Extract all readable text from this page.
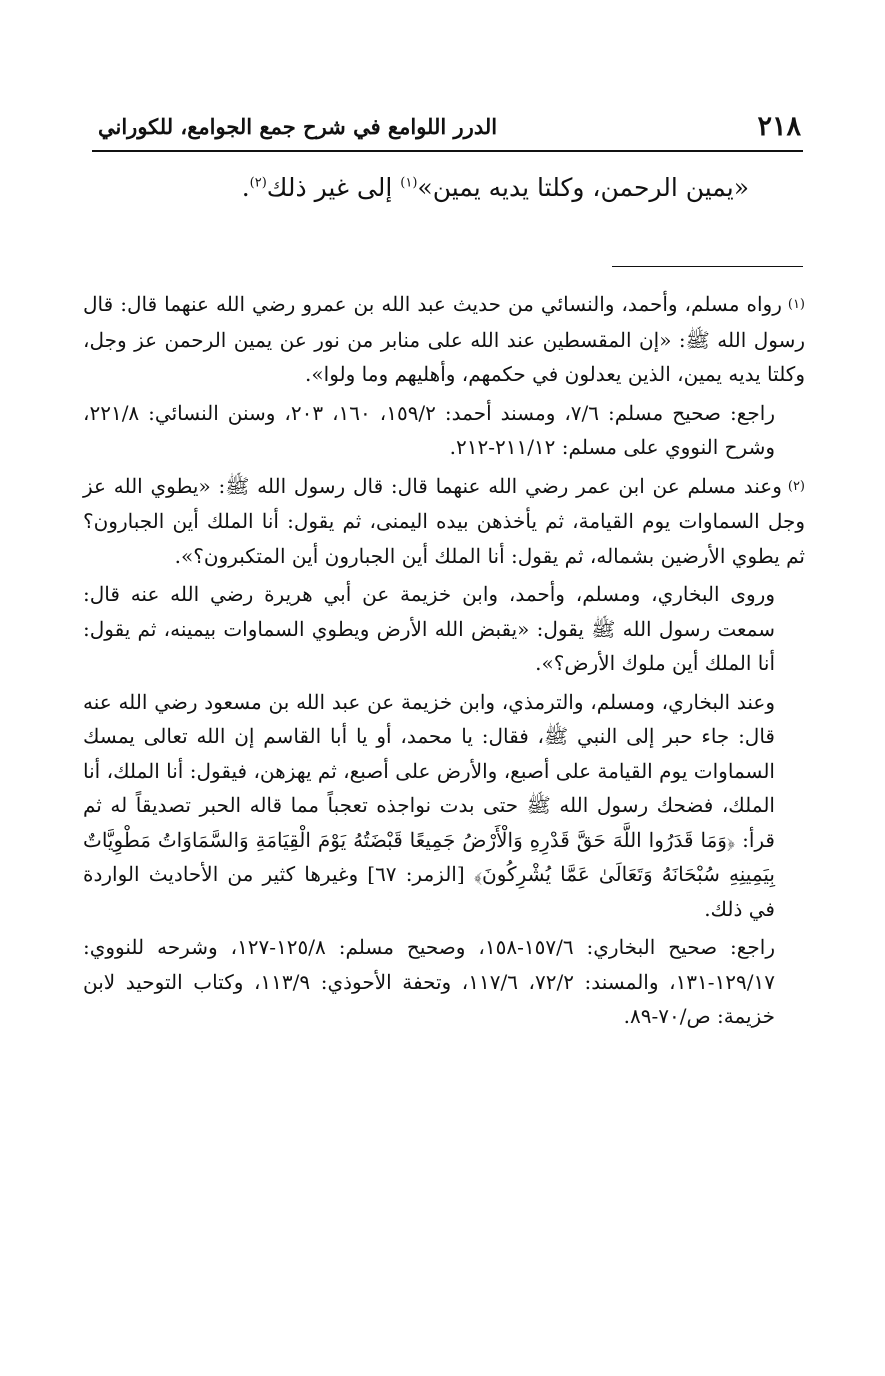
٢١٨
الدرر اللوامع في شرح جمع الجوامع، للكوراني

«يمين الرحمن، وكلتا يديه يمين»$^{(١)}$ إلى غير ذلك$^{(٢)}$.

(١)رواه مسلم، وأحمد، والنسائي من حديث عبد الله بن عمرو رضي الله عنهما قال: قال رسول الله ﷺ: «إن المقسطين عند الله على منابر من نور عن يمين الرحمن عز وجل، وكلتا يديه يمين، الذين يعدلون في حكمهم، وأهليهم وما ولوا».

راجع: صحيح مسلم: ٧/٦، ومسند أحمد: ١٥٩/٢، ١٦٠، ٢٠٣، وسنن النسائي: ٢٢١/٨، وشرح النووي على مسلم: ٢١١/١٢-٢١٢.

(٢)وعند مسلم عن ابن عمر رضي الله عنهما قال: قال رسول الله ﷺ: «يطوي الله عز وجل السماوات يوم القيامة، ثم يأخذهن بيده اليمنى، ثم يقول: أنا الملك أين الجبارون؟ ثم يطوي الأرضين بشماله، ثم يقول: أنا الملك أين الجبارون أين المتكبرون؟».

وروى البخاري، ومسلم، وأحمد، وابن خزيمة عن أبي هريرة رضي الله عنه قال: سمعت رسول الله ﷺ يقول: «يقبض الله الأرض ويطوي السماوات بيمينه، ثم يقول: أنا الملك أين ملوك الأرض؟».

وعند البخاري، ومسلم، والترمذي، وابن خزيمة عن عبد الله بن مسعود رضي الله عنه قال: جاء حبر إلى النبي ﷺ، فقال: يا محمد، أو يا أبا القاسم إن الله تعالى يمسك السماوات يوم القيامة على أصبع، والأرض على أصبع، ثم يهزهن، فيقول: أنا الملك، أنا الملك، فضحك رسول الله ﷺ حتى بدت نواجذه تعجباً مما قاله الحبر تصديقاً له ثم قرأ: ﴿وَمَا قَدَرُوا اللَّهَ حَقَّ قَدْرِهِ وَالْأَرْضُ جَمِيعًا قَبْضَتُهُ يَوْمَ الْقِيَامَةِ وَالسَّمَاوَاتُ مَطْوِيَّاتٌ بِيَمِينِهِ سُبْحَانَهُ وَتَعَالَىٰ عَمَّا يُشْرِكُونَ﴾ [الزمر: ٦٧] وغيرها كثير من الأحاديث الواردة في ذلك.

راجع: صحيح البخاري: ١٥٧/٦-١٥٨، وصحيح مسلم: ١٢٥/٨-١٢٧، وشرحه للنووي: ١٢٩/١٧-١٣١، والمسند: ٧٢/٢، ١١٧/٦، وتحفة الأحوذي: ١١٣/٩، وكتاب التوحيد لابن خزيمة: ص/٧٠-٨٩.
